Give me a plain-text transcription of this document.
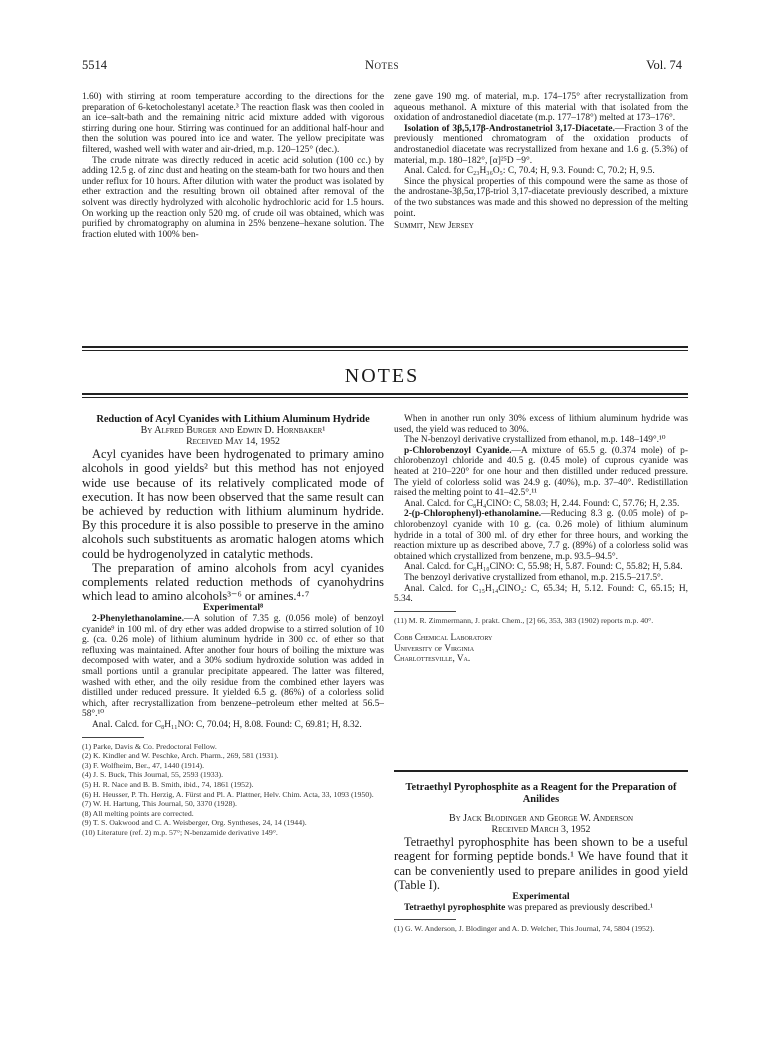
5514	Notes	Vol. 74

1.60) with stirring at room temperature according to the directions for the preparation of 6-ketocholestanyl acetate.³ The reaction flask was then cooled in an ice–salt-bath and the remaining nitric acid mixture added with vigorous stirring during one hour. Stirring was continued for an additional half-hour and then the solution was poured into ice and water. The yellow precipitate was filtered, washed well with water and air-dried, m.p. 120–125° (dec.).

The crude nitrate was directly reduced in acetic acid solution (100 cc.) by adding 12.5 g. of zinc dust and heating on the steam-bath for two hours and then under reflux for 10 hours. After dilution with water the product was isolated by ether extraction and the resulting brown oil obtained after removal of the solvent was directly hydrolyzed with alcoholic hydrochloric acid for 1.5 hours. On working up the reaction only 520 mg. of crude oil was obtained, which was purified by chromatography on alumina in 25% benzene–hexane solution. The fraction eluted with 100% ben-

zene gave 190 mg. of material, m.p. 174–175° after recrystallization from aqueous methanol. A mixture of this material with that isolated from the oxidation of androstanediol diacetate (m.p. 177–178°) melted at 173–176°.

Isolation of 3β,5,17β-Androstanetriol 3,17-Diacetate.—Fraction 3 of the previously mentioned chromatogram of the oxidation products of androstanediol diacetate was recrystallized from hexane and 1.6 g. (5.3%) of material, m.p. 180–182°, [α]²⁵D −9°.

Anal. Calcd. for C₂₃H₃₆O₅: C, 70.4; H, 9.3. Found: C, 70.2; H, 9.5.

Since the physical properties of this compound were the same as those of the androstane-3β,5α,17β-triol 3,17-diacetate previously described, a mixture of the two substances was made and this showed no depression of the melting point.

Summit, New Jersey

NOTES

Reduction of Acyl Cyanides with Lithium Aluminum Hydride

By Alfred Burger and Edwin D. Hornbaker¹

Received May 14, 1952

Acyl cyanides have been hydrogenated to primary amino alcohols in good yields² but this method has not enjoyed wide use because of its relatively complicated mode of execution. It has now been observed that the same result can be achieved by reduction with lithium aluminum hydride. By this procedure it is also possible to preserve in the amino alcohols such substituents as aromatic halogen atoms which could be hydrogenolyzed in catalytic methods.

The preparation of amino alcohols from acyl cyanides complements related reduction methods of cyanohydrins which lead to amino alcohols³⁻⁶ or amines.⁴·⁷

Experimental⁸

2-Phenylethanolamine.—A solution of 7.35 g. (0.056 mole) of benzoyl cyanide⁹ in 100 ml. of dry ether was added dropwise to a stirred solution of 10 g. (ca. 0.26 mole) of lithium aluminum hydride in 300 cc. of ether so that refluxing was maintained. After another four hours of boiling the mixture was decomposed with water, and a 30% sodium hydroxide solution was added in small portions until a granular precipitate appeared. The latter was filtered, washed with ether, and the oily residue from the combined ether layers was distilled under reduced pressure. It yielded 6.5 g. (86%) of a colorless solid which, after recrystallization from benzene–petroleum ether melted at 56.5–58°.¹⁰

Anal. Calcd. for C₈H₁₁NO: C, 70.04; H, 8.08. Found: C, 69.81; H, 8.32.

(1) Parke, Davis & Co. Predoctoral Fellow.

(2) K. Kindler and W. Peschke, Arch. Pharm., 269, 581 (1931).

(3) F. Wolfheim, Ber., 47, 1440 (1914).

(4) J. S. Buck, This Journal, 55, 2593 (1933).

(5) H. R. Nace and B. B. Smith, ibid., 74, 1861 (1952).

(6) H. Heusser, P. Th. Herzig, A. Fürst and Pl. A. Plattner, Helv. Chim. Acta, 33, 1093 (1950).

(7) W. H. Hartung, This Journal, 50, 3370 (1928).

(8) All melting points are corrected.

(9) T. S. Oakwood and C. A. Weisberger, Org. Syntheses, 24, 14 (1944).

(10) Literature (ref. 2) m.p. 57°; N-benzamide derivative 149°.

When in another run only 30% excess of lithium aluminum hydride was used, the yield was reduced to 30%.

The N-benzoyl derivative crystallized from ethanol, m.p. 148–149°.¹⁰

p-Chlorobenzoyl Cyanide.—A mixture of 65.5 g. (0.374 mole) of p-chlorobenzoyl chloride and 40.5 g. (0.45 mole) of cuprous cyanide was heated at 210–220° for one hour and then distilled under reduced pressure. The yield of colorless solid was 24.9 g. (40%), m.p. 37–40°. Redistillation raised the melting point to 41–42.5°.¹¹

Anal. Calcd. for C₈H₄ClNO: C, 58.03; H, 2.44. Found: C, 57.76; H, 2.35.

2-(p-Chlorophenyl)-ethanolamine.—Reducing 8.3 g. (0.05 mole) of p-chlorobenzoyl cyanide with 10 g. (ca. 0.26 mole) of lithium aluminum hydride in a total of 300 ml. of dry ether for three hours, and working the reaction mixture up as described above, 7.7 g. (89%) of a colorless solid was obtained which crystallized from benzene, m.p. 93.5–94.5°.

Anal. Calcd. for C₈H₁₀ClNO: C, 55.98; H, 5.87. Found: C, 55.82; H, 5.84.

The benzoyl derivative crystallized from ethanol, m.p. 215.5–217.5°.

Anal. Calcd. for C₁₅H₁₄ClNO₂: C, 65.34; H, 5.12. Found: C, 65.15; H, 5.34.

(11) M. R. Zimmermann, J. prakt. Chem., [2] 66, 353, 383 (1902) reports m.p. 40°.

Cobb Chemical Laboratory

University of Virginia

Charlottesville, Va.

Tetraethyl Pyrophosphite as a Reagent for the Preparation of Anilides

By Jack Blodinger and George W. Anderson

Received March 3, 1952

Tetraethyl pyrophosphite has been shown to be a useful reagent for forming peptide bonds.¹ We have found that it can be conveniently used to prepare anilides in good yield (Table I).

Experimental

Tetraethyl pyrophosphite was prepared as previously described.¹

(1) G. W. Anderson, J. Blodinger and A. D. Welcher, This Journal, 74, 5804 (1952).
